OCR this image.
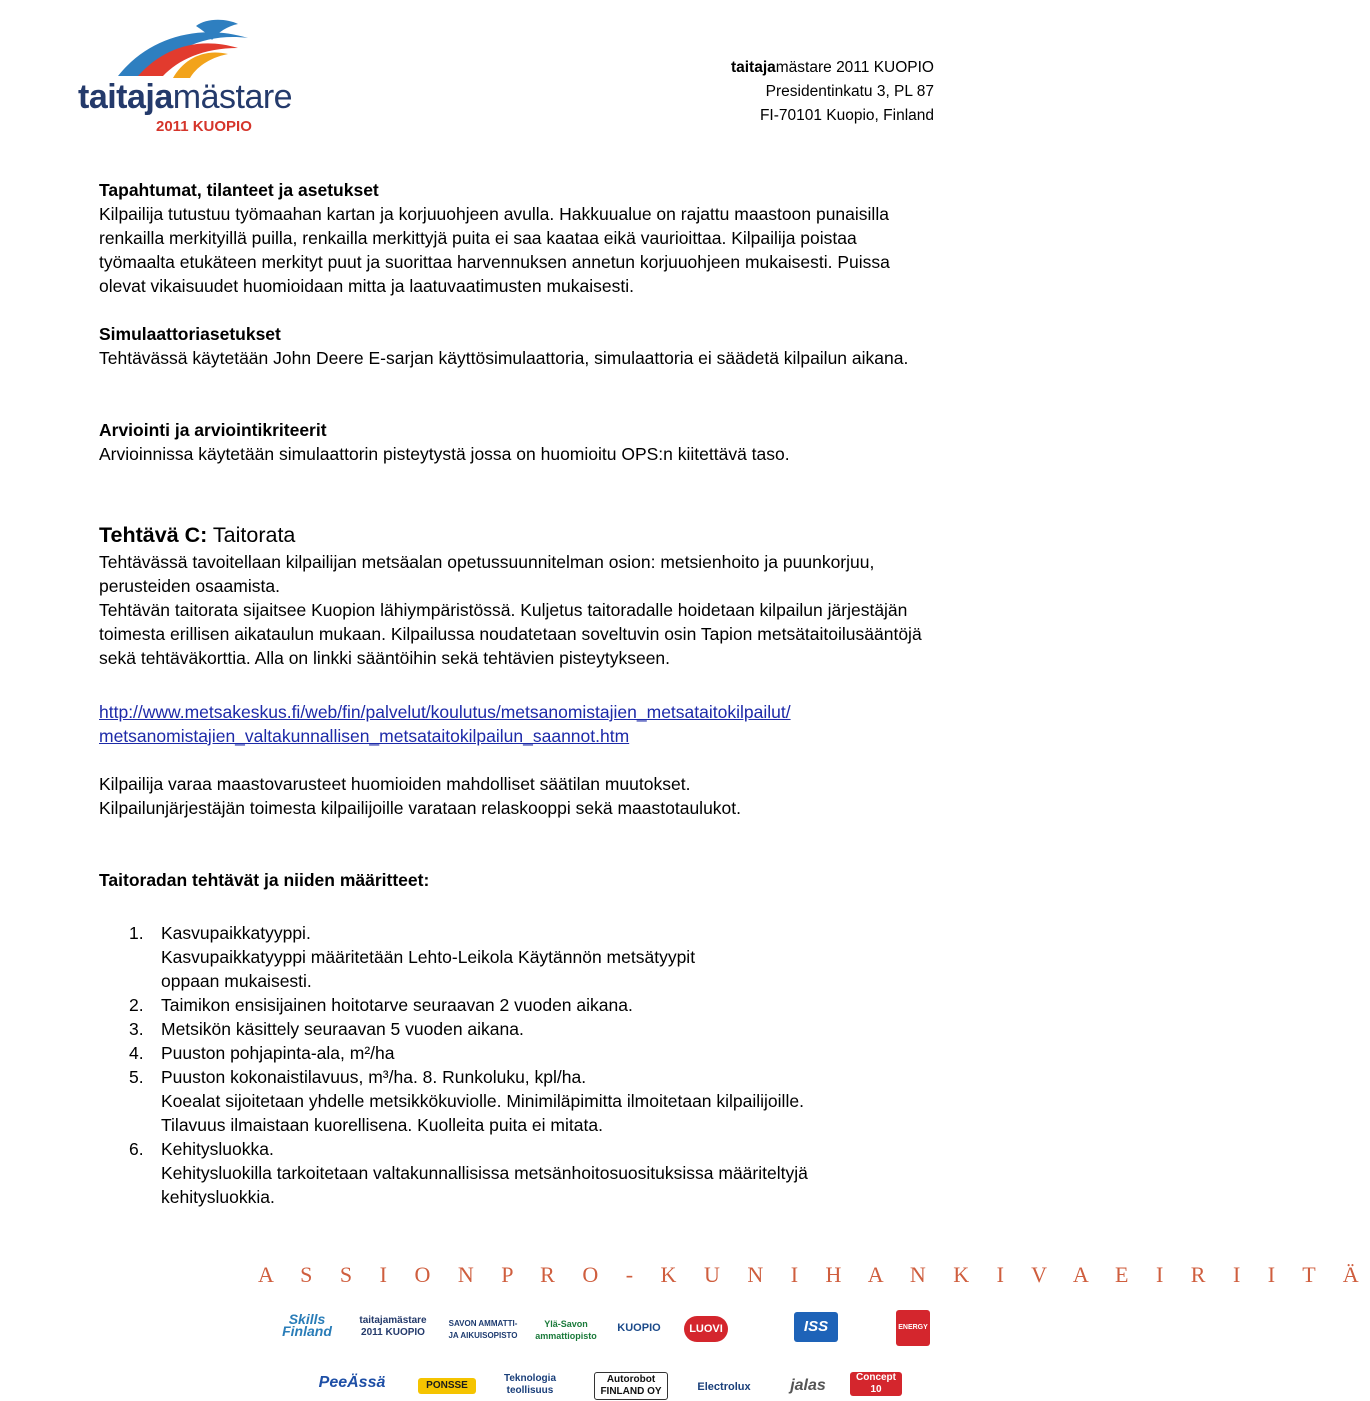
taitajamästare
2011 KUOPIO
taitajamästare 2011 KUOPIO
Presidentinkatu 3, PL 87
FI-70101 Kuopio, Finland

Tapahtumat, tilanteet ja asetukset

Kilpailija tutustuu työmaahan kartan ja korjuuohjeen avulla. Hakkuualue on rajattu maastoon punaisilla renkailla merkityillä puilla, renkailla merkittyjä puita ei saa kaataa eikä vaurioittaa. Kilpailija poistaa työmaalta etukäteen merkityt puut ja suorittaa harvennuksen annetun korjuuohjeen mukaisesti. Puissa olevat vikaisuudet huomioidaan mitta ja laatuvaatimusten mukaisesti.

Simulaattoriasetukset

Tehtävässä käytetään John Deere E-sarjan käyttösimulaattoria, simulaattoria ei säädetä kilpailun aikana.

Arviointi ja arviointikriteerit

Arvioinnissa käytetään simulaattorin pisteytystä jossa on huomioitu OPS:n kiitettävä taso.

Tehtävä C: Taitorata

Tehtävässä tavoitellaan kilpailijan metsäalan opetussuunnitelman osion: metsienhoito ja puunkorjuu, perusteiden osaamista.

Tehtävän taitorata sijaitsee Kuopion lähiympäristössä. Kuljetus taitoradalle hoidetaan kilpailun järjestäjän toimesta erillisen aikataulun mukaan. Kilpailussa noudatetaan soveltuvin osin Tapion metsätaitoilusääntöjä sekä tehtäväkorttia. Alla on linkki sääntöihin sekä tehtävien pisteytykseen.

http://www.metsakeskus.fi/web/fin/palvelut/koulutus/metsanomistajien_metsataitokilpailut/
metsanomistajien_valtakunnallisen_metsataitokilpailun_saannot.htm

Kilpailija varaa maastovarusteet huomioiden mahdolliset säätilan muutokset.

Kilpailunjärjestäjän toimesta kilpailijoille varataan relaskooppi sekä maastotaulukot.

Taitoradan tehtävät ja niiden määritteet:

1. Kasvupaikkatyyppi.
Kasvupaikkatyyppi määritetään Lehto-Leikola Käytännön metsätyypit
oppaan mukaisesti.
2. Taimikon ensisijainen hoitotarve seuraavan 2 vuoden aikana.
3. Metsikön käsittely seuraavan 5 vuoden aikana.
4. Puuston pohjapinta-ala, m²/ha
5. Puuston kokonaistilavuus, m³/ha. 8. Runkoluku, kpl/ha.
Koealat sijoitetaan yhdelle metsikkökuviolle. Minimiläpimitta ilmoitetaan kilpailijoille.
Tilavuus ilmaistaan kuorellisena. Kuolleita puita ei mitata.
6. Kehitysluokka.
Kehitysluokilla tarkoitetaan valtakunnallisissa metsänhoitosuosituksissa määriteltyjä
kehitysluokkia.
A S S I O N P R O - K U N I H A N K I V A E I R I I T Ä
Skills Finland
taitajamästare 2011 KUOPIO
SAVON AMMATTI- JA AIKUISOPISTO
Ylä-Savon ammattiopisto
KUOPIO	LUOVI	ISS	ENERGY
PeeÄssä	PONSSE
Teknologia teollisuus
Autorobot FINLAND OY	Electrolux	jalas	Concept 10
